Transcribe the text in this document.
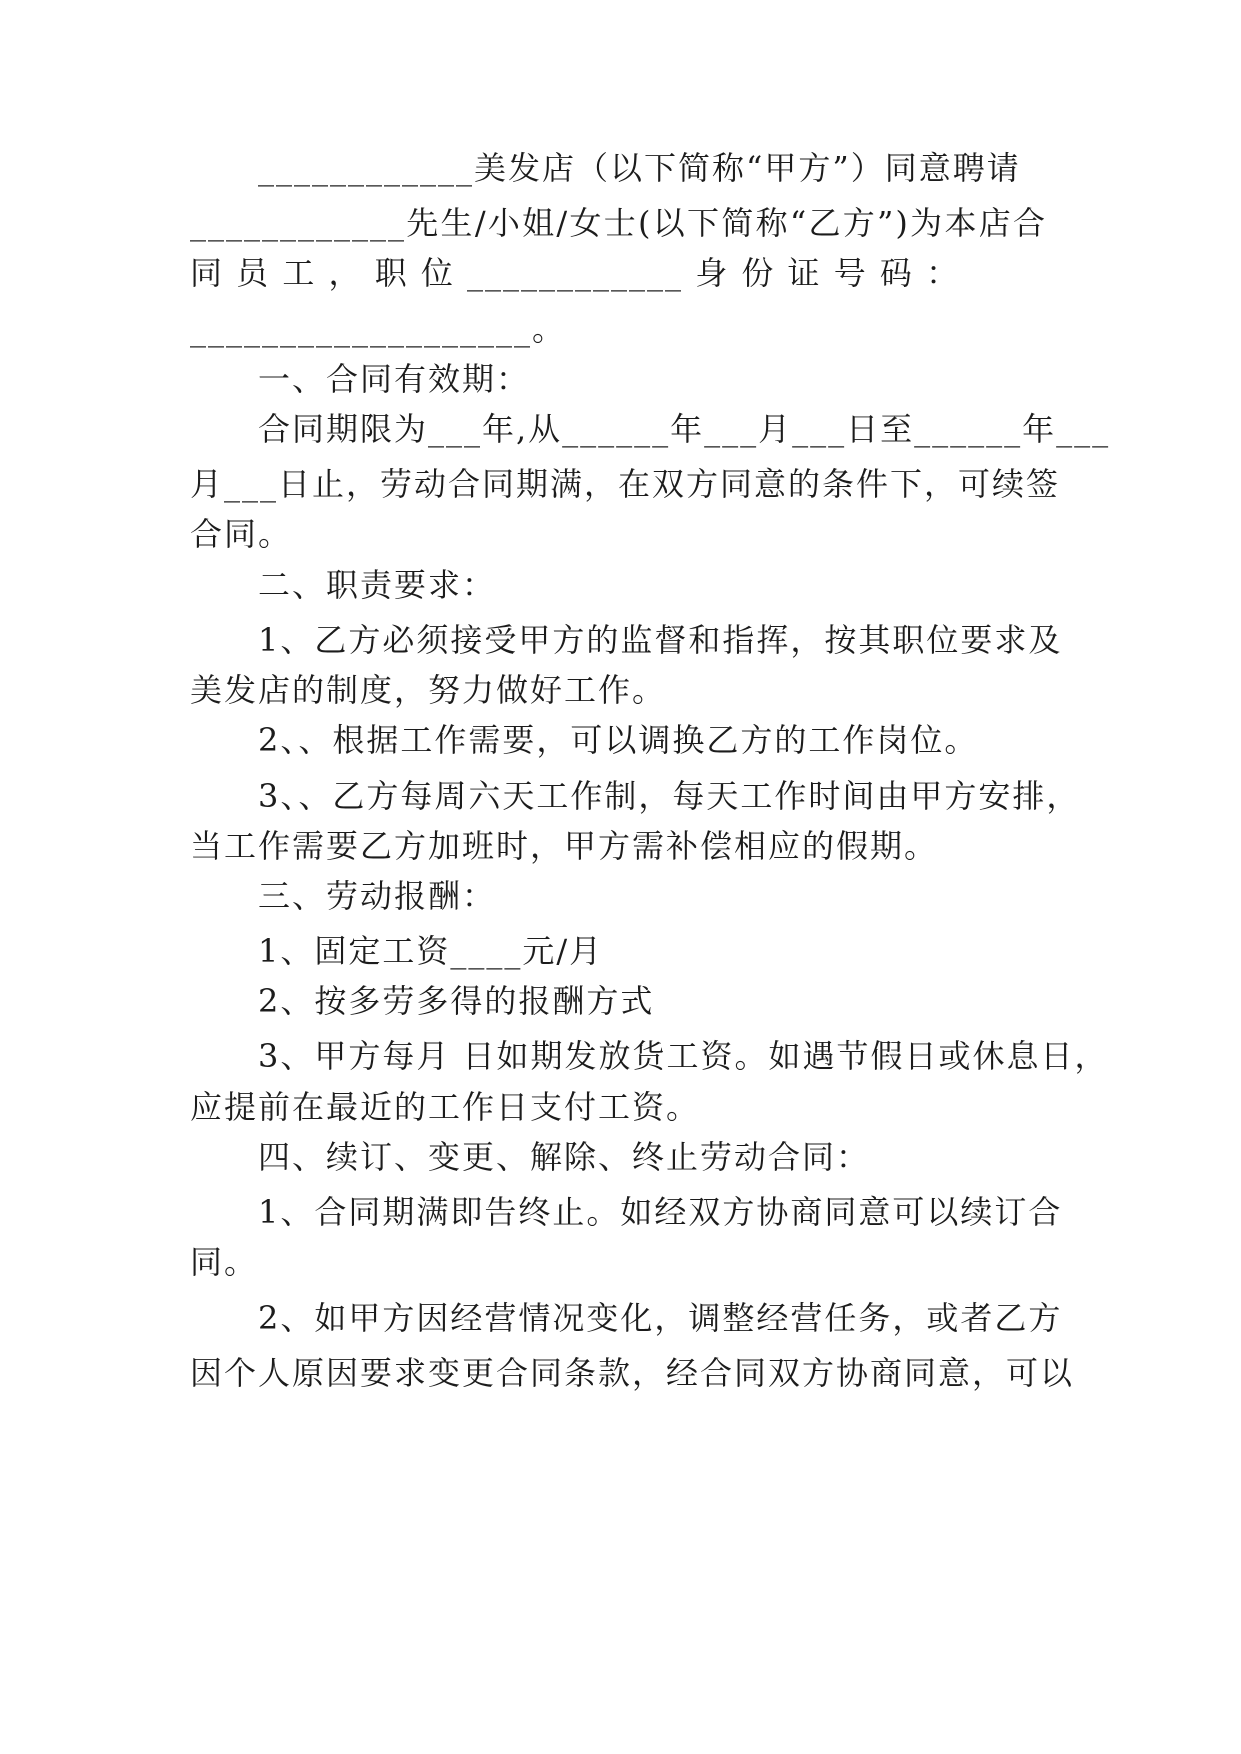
____________美发店（以下简称“甲方”）同意聘请
____________先生/小姐/女士(以下简称“乙方”)为本店合
同 员 工 ， 职 位 ____________ 身 份 证 号 码 ：
___________________。
一、合同有效期：
合同期限为___年,从______年___月___日至______年___
月___日止，劳动合同期满，在双方同意的条件下，可续签
合同。
二、职责要求：
1、乙方必须接受甲方的监督和指挥，按其职位要求及
美发店的制度，努力做好工作。
2、、根据工作需要，可以调换乙方的工作岗位。
3、、乙方每周六天工作制，每天工作时间由甲方安排，
当工作需要乙方加班时，甲方需补偿相应的假期。
三、劳动报酬：
1、固定工资____元/月
2、按多劳多得的报酬方式
3、甲方每月 日如期发放货工资。如遇节假日或休息日，
应提前在最近的工作日支付工资。
四、续订、变更、解除、终止劳动合同：
1、合同期满即告终止。如经双方协商同意可以续订合
同。
2、如甲方因经营情况变化，调整经营任务，或者乙方
因个人原因要求变更合同条款，经合同双方协商同意，可以
